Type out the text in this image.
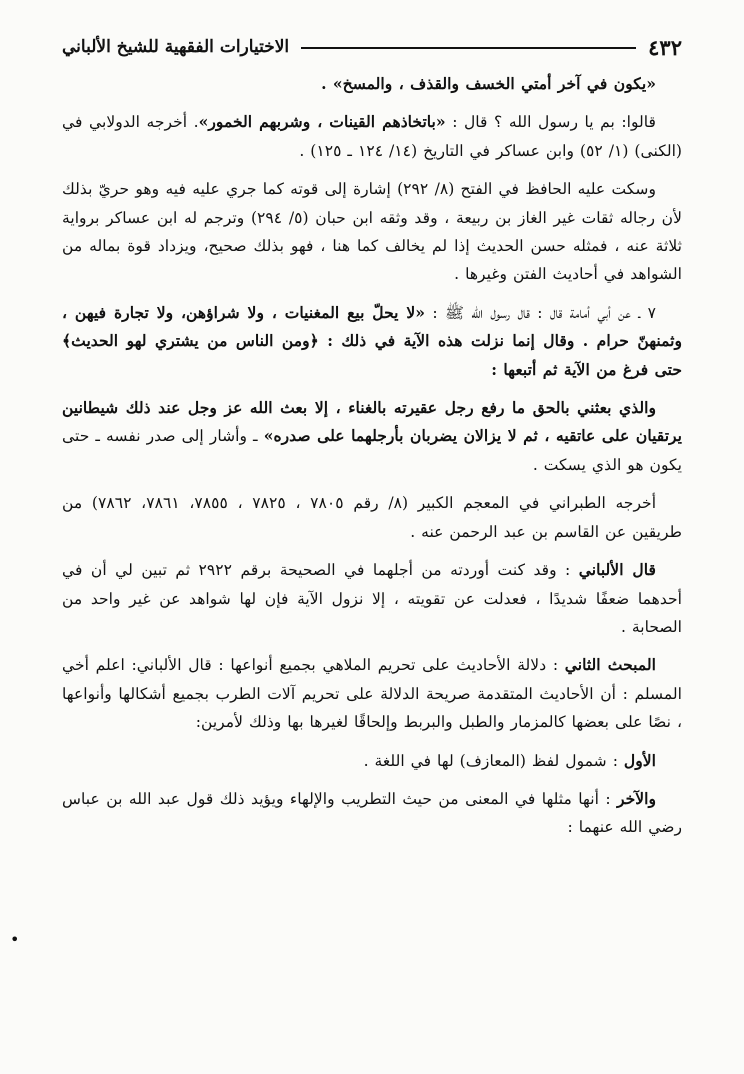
٤٣٢
الاختيارات الفقهية للشيخ الألباني

«يكون في آخر أمتي الخسف والقذف ، والمسخ» .

قالوا: بم يا رسول الله ؟ قال : «باتخاذهم القينات ، وشربهم الخمور». أخرجه الدولابي في (الكنى) (١/ ٥٢) وابن عساكر في التاريخ (١٤/ ١٢٤ ـ ١٢٥) .

وسكت عليه الحافظ في الفتح (٨/ ٢٩٢) إشارة إلى قوته كما جري عليه فيه وهو حريّ بذلك لأن رجاله ثقات غير الغاز بن ربيعة ، وقد وثقه ابن حبان (٥/ ٢٩٤) وترجم له ابن عساكر برواية ثلاثة عنه ، فمثله حسن الحديث إذا لم يخالف كما هنا ، فهو بذلك صحيح، ويزداد قوة بماله من الشواهد في أحاديث الفتن وغيرها .

٧ ـ عن أبي أمامة قال : قال رسول الله ﷺ : «لا يحلّ بيع المغنيات ، ولا شراؤهن، ولا تجارة فيهن ، وثمنهنّ حرام . وقال إنما نزلت هذه الآية في ذلك : ﴿ومن الناس من يشتري لهو الحديث﴾ حتى فرغ من الآية ثم أتبعها :

والذي بعثني بالحق ما رفع رجل عقيرته بالغناء ، إلا بعث الله عز وجل عند ذلك شيطانين يرتقيان على عاتقيه ، ثم لا يزالان يضربان بأرجلهما على صدره» ـ وأشار إلى صدر نفسه ـ حتى يكون هو الذي يسكت .

أخرجه الطبراني في المعجم الكبير (٨/ رقم ٧٨٠٥ ، ٧٨٢٥ ، ٧٨٥٥، ٧٨٦١، ٧٨٦٢) من طريقين عن القاسم بن عبد الرحمن عنه .

قال الألباني : وقد كنت أوردته من أجلهما في الصحيحة برقم ٢٩٢٢ ثم تبين لي أن في أحدهما ضعفًا شديدًا ، فعدلت عن تقويته ، إلا نزول الآية فإن لها شواهد عن غير واحد من الصحابة .

المبحث الثاني : دلالة الأحاديث على تحريم الملاهي بجميع أنواعها : قال الألباني: اعلم أخي المسلم : أن الأحاديث المتقدمة صريحة الدلالة على تحريم آلات الطرب بجميع أشكالها وأنواعها ، نصًا على بعضها كالمزمار والطبل والبربط وإلحاقًا لغيرها بها وذلك لأمرين:

الأول : شمول لفظ (المعازف) لها في اللغة .

والآخر : أنها مثلها في المعنى من حيث التطريب والإلهاء ويؤيد ذلك قول عبد الله بن عباس رضي الله عنهما :

•
